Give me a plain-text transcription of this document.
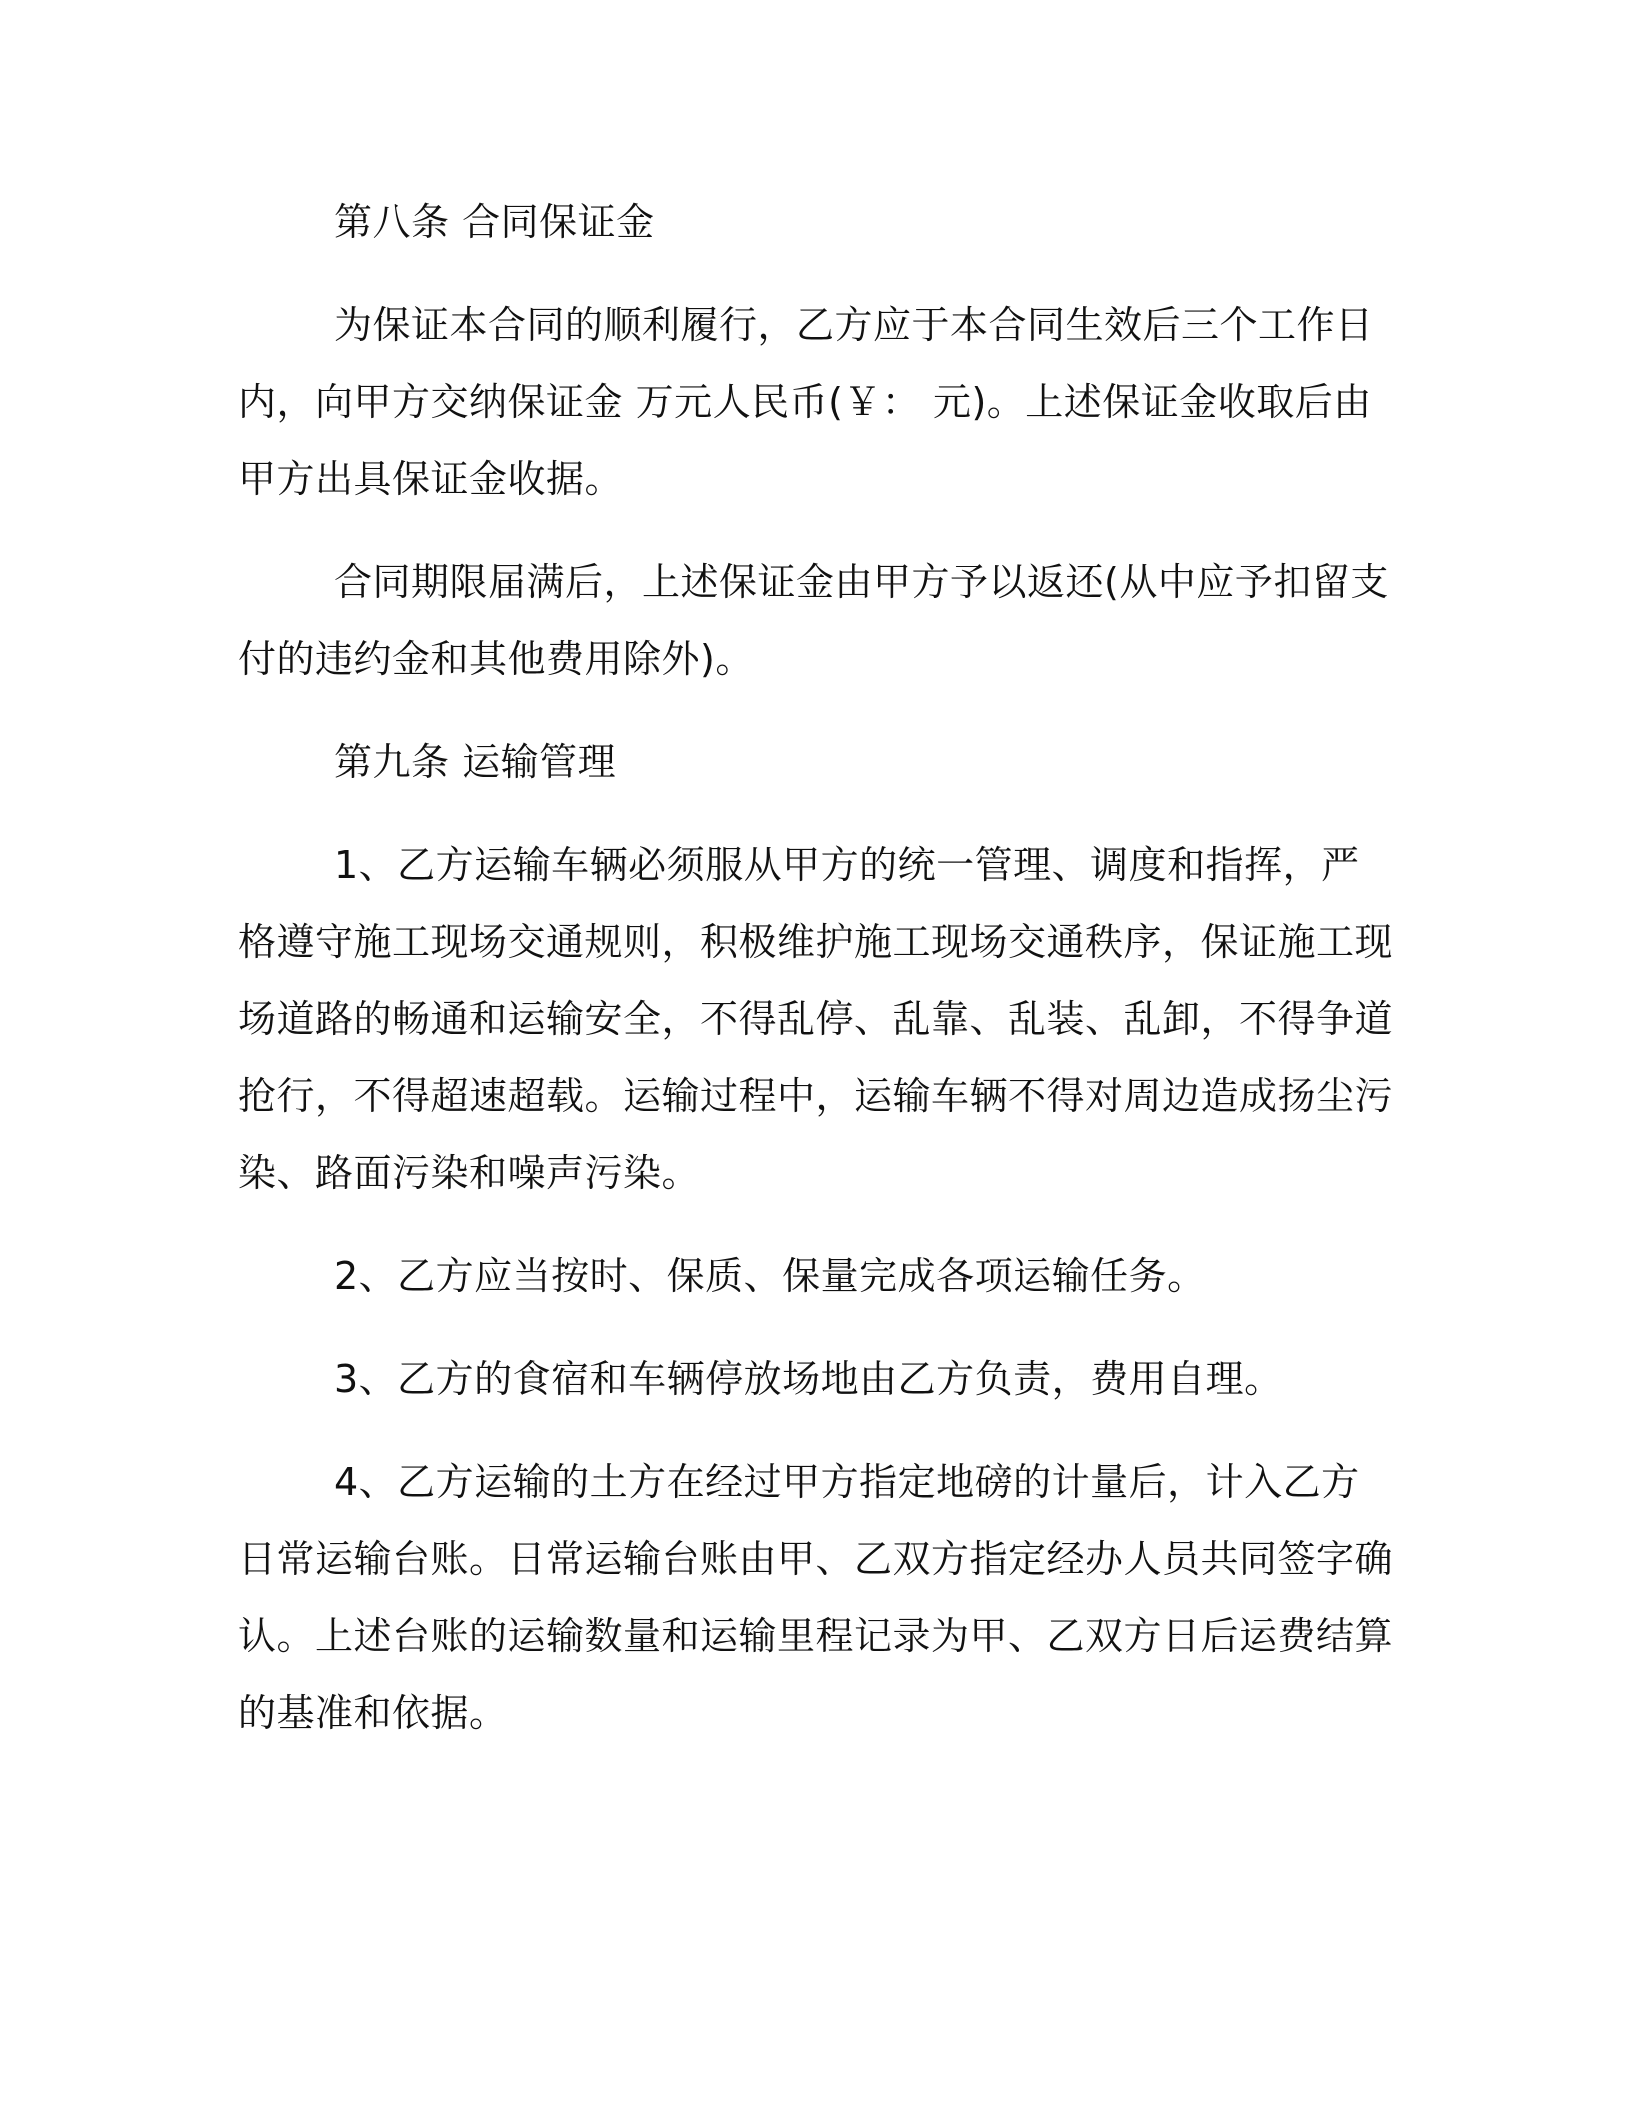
第八条 合同保证金

为保证本合同的顺利履行，乙方应于本合同生效后三个工作日内，向甲方交纳保证金 万元人民币(￥： 元)。上述保证金收取后由甲方出具保证金收据。

合同期限届满后，上述保证金由甲方予以返还(从中应予扣留支付的违约金和其他费用除外)。

第九条 运输管理

1、乙方运输车辆必须服从甲方的统一管理、调度和指挥，严格遵守施工现场交通规则，积极维护施工现场交通秩序，保证施工现场道路的畅通和运输安全，不得乱停、乱靠、乱装、乱卸，不得争道抢行，不得超速超载。运输过程中，运输车辆不得对周边造成扬尘污染、路面污染和噪声污染。

2、乙方应当按时、保质、保量完成各项运输任务。

3、乙方的食宿和车辆停放场地由乙方负责，费用自理。

4、乙方运输的土方在经过甲方指定地磅的计量后，计入乙方日常运输台账。日常运输台账由甲、乙双方指定经办人员共同签字确认。上述台账的运输数量和运输里程记录为甲、乙双方日后运费结算的基准和依据。
